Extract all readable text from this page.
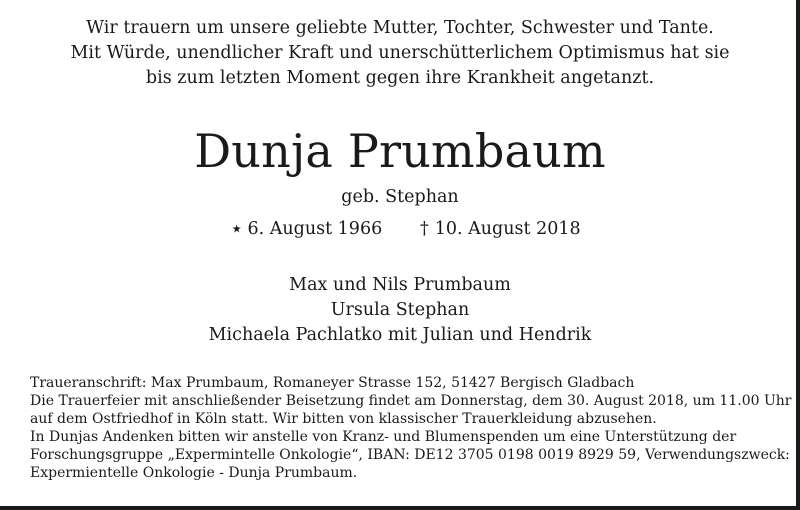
Wir trauern um unsere geliebte Mutter, Tochter, Schwester und Tante.
Mit Würde, unendlicher Kraft und unerschütterlichem Optimismus hat sie
bis zum letzten Moment gegen ihre Krankheit angetanzt.
Dunja Prumbaum
geb. Stephan
⭑ 6. August 1966 † 10. August 2018
Max und Nils Prumbaum
Ursula Stephan
Michaela Pachlatko mit Julian und Hendrik
Traueranschrift: Max Prumbaum, Romaneyer Strasse 152, 51427 Bergisch Gladbach
Die Trauerfeier mit anschließender Beisetzung findet am Donnerstag, dem 30. August 2018, um 11.00 Uhr
auf dem Ostfriedhof in Köln statt. Wir bitten von klassischer Trauerkleidung abzusehen.
In Dunjas Andenken bitten wir anstelle von Kranz- und Blumenspenden um eine Unterstützung der
Forschungsgruppe „Expermintelle Onkologie“, IBAN: DE12 3705 0198 0019 8929 59, Verwendungszweck:
Expermientelle Onkologie - Dunja Prumbaum.
